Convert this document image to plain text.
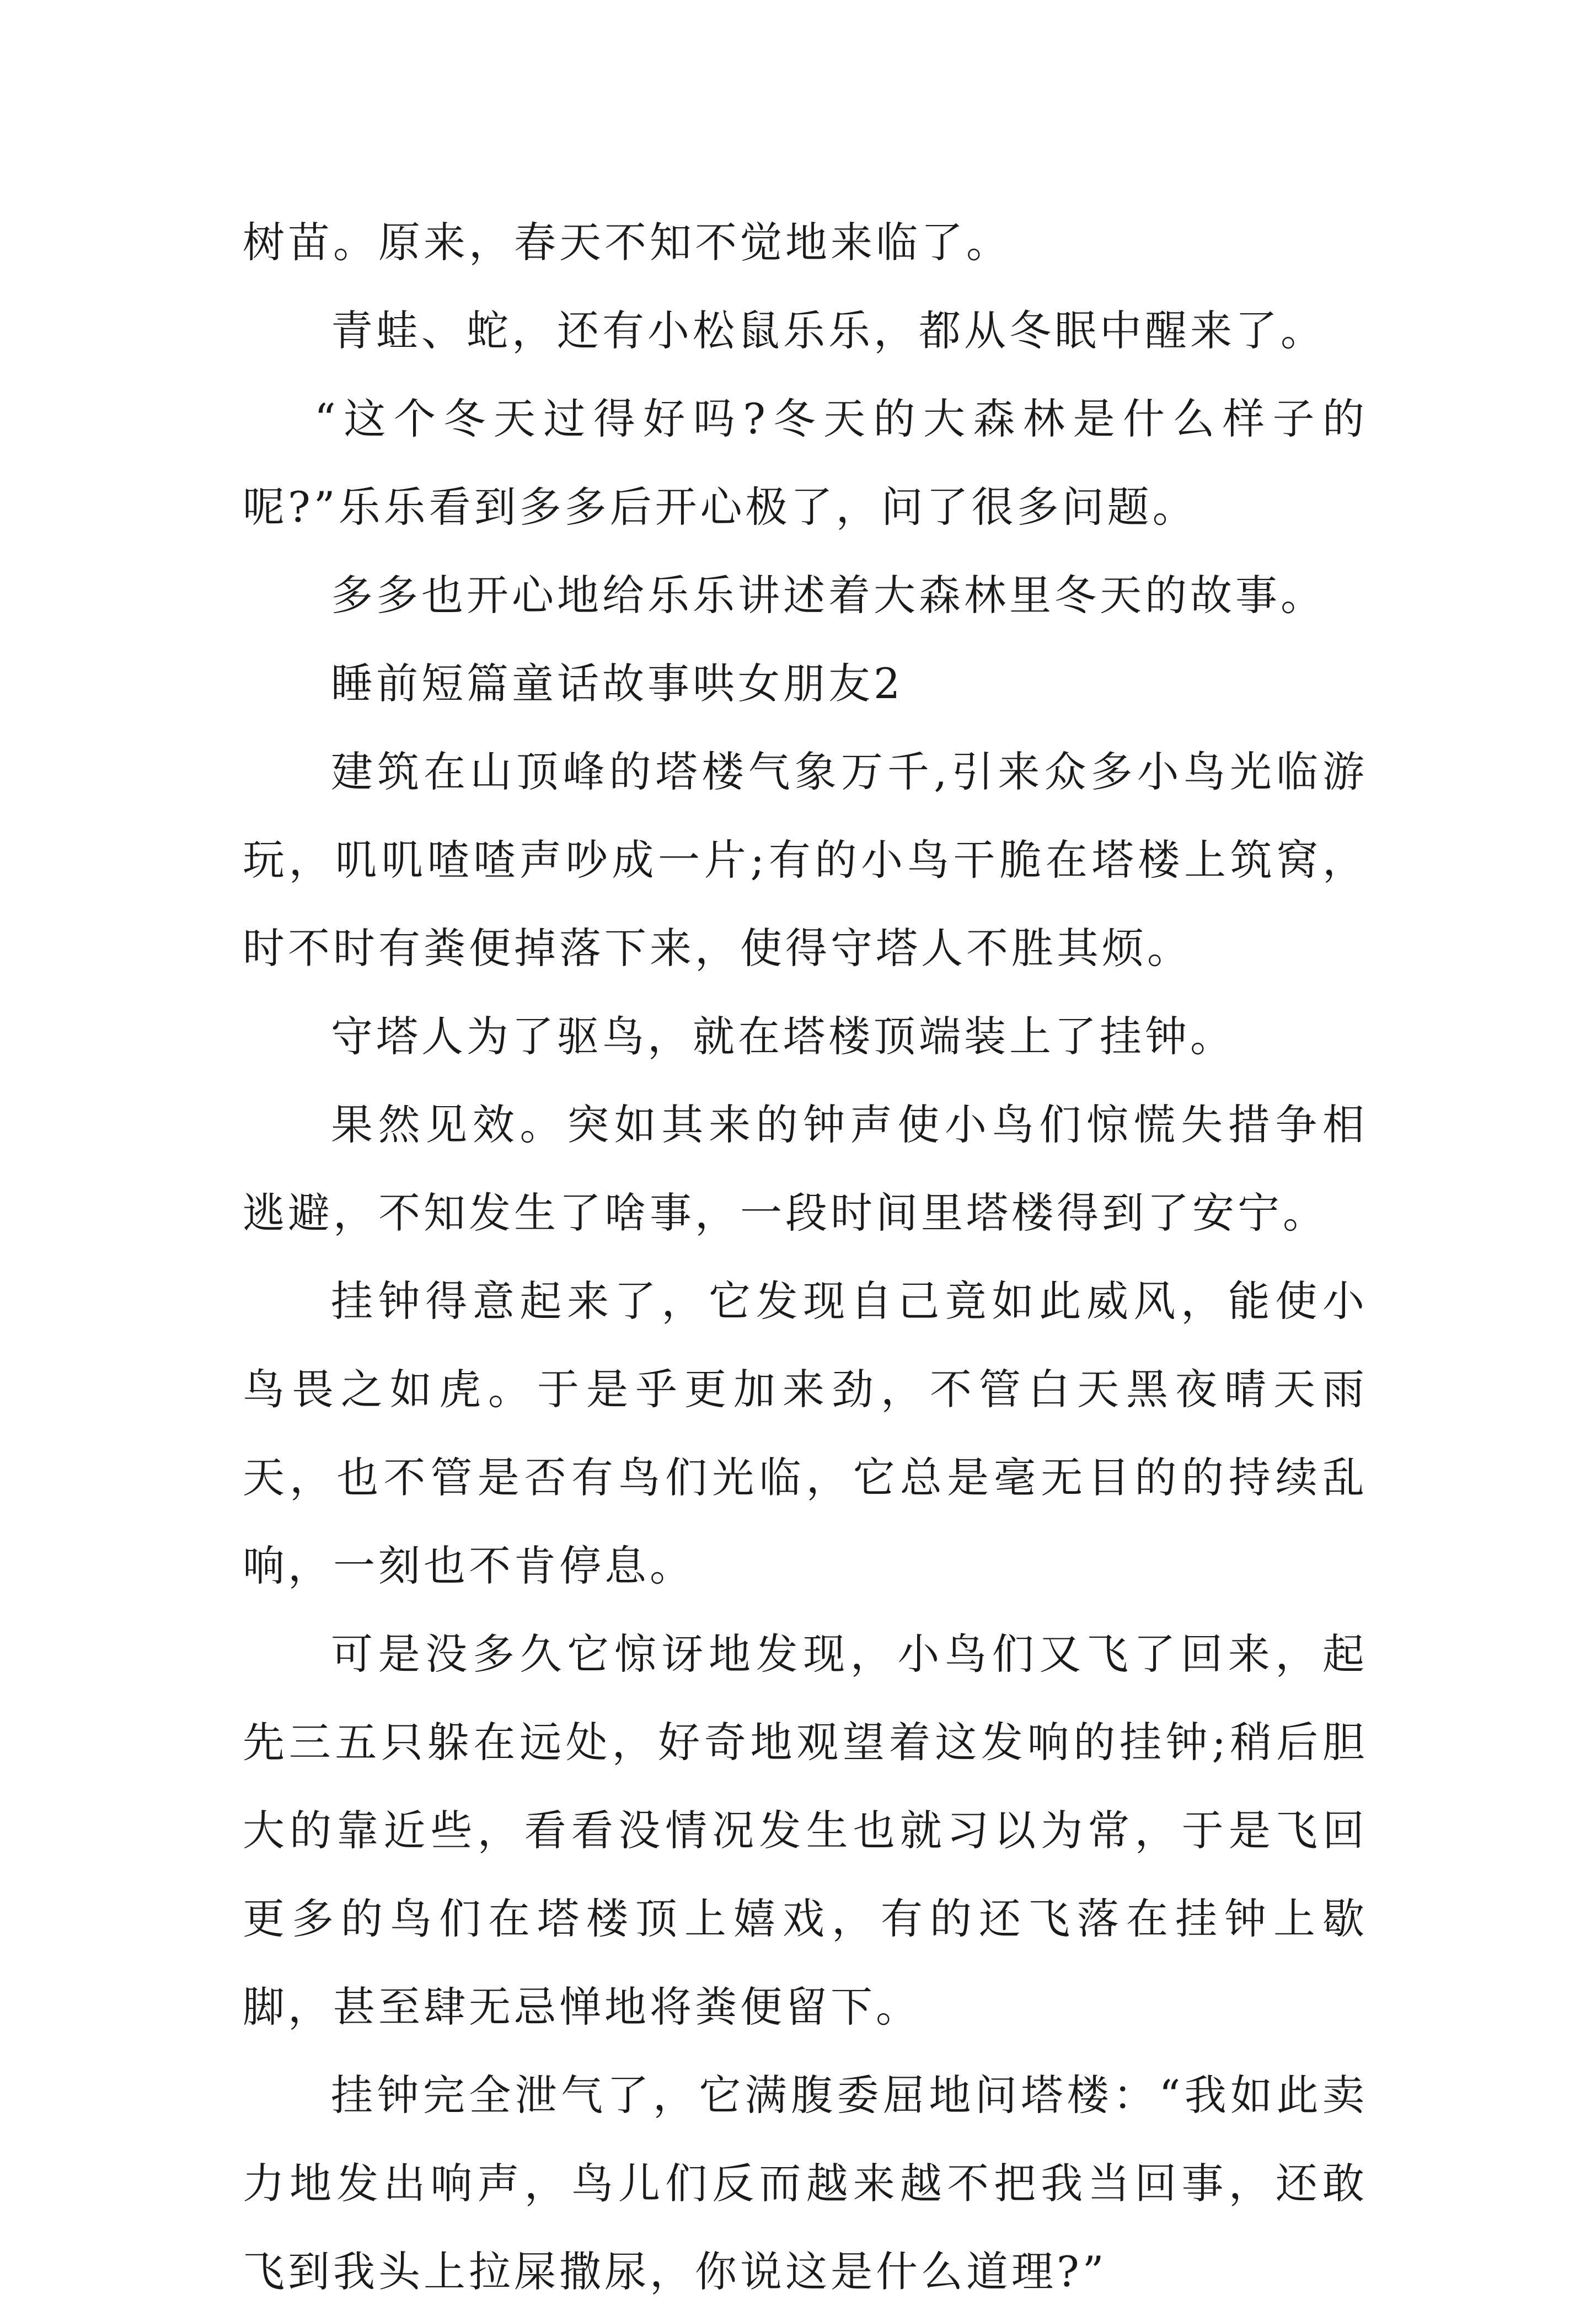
树苗。原来，春天不知不觉地来临了。

青蛙、蛇，还有小松鼠乐乐，都从冬眠中醒来了。

“这个冬天过得好吗?冬天的大森林是什么样子的呢?”乐乐看到多多后开心极了，问了很多问题。

多多也开心地给乐乐讲述着大森林里冬天的故事。

睡前短篇童话故事哄女朋友2

建筑在山顶峰的塔楼气象万千,引来众多小鸟光临游玩，叽叽喳喳声吵成一片;有的小鸟干脆在塔楼上筑窝，时不时有粪便掉落下来，使得守塔人不胜其烦。

守塔人为了驱鸟，就在塔楼顶端装上了挂钟。

果然见效。突如其来的钟声使小鸟们惊慌失措争相逃避，不知发生了啥事，一段时间里塔楼得到了安宁。

挂钟得意起来了，它发现自己竟如此威风，能使小鸟畏之如虎。于是乎更加来劲，不管白天黑夜晴天雨天，也不管是否有鸟们光临，它总是毫无目的的持续乱响，一刻也不肯停息。

可是没多久它惊讶地发现，小鸟们又飞了回来，起先三五只躲在远处，好奇地观望着这发响的挂钟;稍后胆大的靠近些，看看没情况发生也就习以为常，于是飞回更多的鸟们在塔楼顶上嬉戏，有的还飞落在挂钟上歇脚，甚至肆无忌惮地将粪便留下。

挂钟完全泄气了，它满腹委屈地问塔楼：“我如此卖力地发出响声，鸟儿们反而越来越不把我当回事，还敢飞到我头上拉屎撒尿，你说这是什么道理?”
